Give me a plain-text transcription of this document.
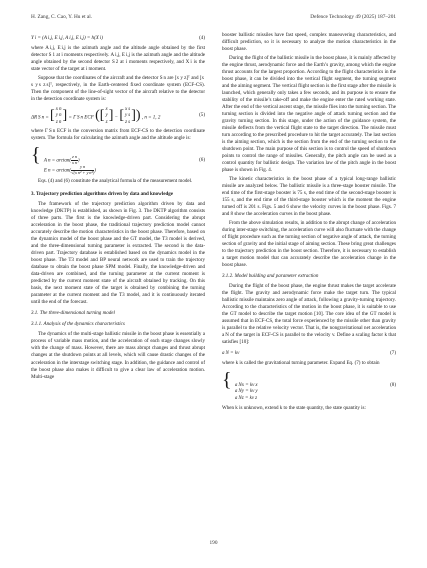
H. Zang, C. Cao, Y. Hu et al.	Defence Technology 49 (2025) 187–201
Y i = (A i,j, E i,j, A i,j, E i,j) = h(X i)	(4)

where A i,j, E i,j is the azimuth angle and the altitude angle obtained by the first detector S 1 at i moments respectively. A i,j, E i,j is the azimuth angle and the altitude angle obtained by the second detector S 2 at i moments respectively, and X i is the state vector of the target at i moment.

Suppose that the coordinates of the aircraft and the detector S n are [x y z]ᵀ and [x s y s z s]ᵀ, respectively, in the Earth-centered fixed coordinate system (ECF-CS). Then the component of the line-of-sight vector of the aircraft relative to the detector in the detection coordinate system is:

ΔR S n = [ x n
y n
z n ] = Γ S n ECF ( [ x
y
z ] − [ x s
y s
z s ] ) , n = 1, 2	(5)

where Γ S n ECF is the conversion matrix from ECF-CS to the detection coordinate system. The formula for calculating the azimuth angle and the altitude angle is:

{ A $n = \arctan( \frac{\text{z n}}{\text{x n}}$ )
E $n = \arctan( \frac{\text{y n}}{\text{√(x n² + y n²)}}$ )
(6)

Eqs. (4) and (6) constitute the analytical formula of the measurement model.

3. Trajectory prediction algorithms driven by data and knowledge

The framework of the trajectory prediction algorithm driven by data and knowledge (DKTP) is established, as shown in Fig. 3. The DKTP algorithm consists of three parts. The first is the knowledge-driven part. Considering the abrupt acceleration in the boost phase, the traditional trajectory prediction model cannot accurately describe the motion characteristics in the boost phase. Therefore, based on the dynamics model of the boost phase and the GT model, the T3 model is derived, and the three-dimensional turning parameter is extracted. The second is the data-driven part. Trajectory database is established based on the dynamics model in the boost phase. The T3 model and BP neural network are used to train the trajectory database to obtain the boost phase SPM model. Finally, the knowledge-driven and data-driven are combined, and the turning parameter at the current moment is predicted by the current moment state of the aircraft obtained by tracking. On this basis, the next moment state of the target is obtained by combining the turning parameter at the current moment and the T3 model, and it is continuously iterated until the end of the forecast.

3.1. The three-dimensional turning model
3.1.1. Analysis of the dynamics characteristics

The dynamics of the multi-stage ballistic missile in the boost phase is essentially a process of variable mass motion, and the acceleration of each stage changes slowly with the change of mass. However, there are mass abrupt changes and thrust abrupt changes at the shutdown points at all levels, which will cause drastic changes of the acceleration in the interstage switching stage. In addition, the guidance and control of the boost phase also makes it difficult to give a clear law of acceleration motion. Multi-stage

booster ballistic missiles have fast speed, complex maneuvering characteristics, and difficult prediction, so it is necessary to analyze the motion characteristics in the boost phase.

During the flight of the ballistic missile in the boost phase, it is mainly affected by the engine thrust, aerodynamic force and the Earth’s gravity, among which the engine thrust accounts for the largest proportion. According to the flight characteristics in the boost phase, it can be divided into the vertical flight segment, the turning segment and the aiming segment. The vertical flight section is the first stage after the missile is launched, which generally only takes a few seconds, and its purpose is to ensure the stability of the missile’s take-off and make the engine enter the rated working state. After the end of the vertical ascent stage, the missile flies into the turning section. The turning section is divided into the negative angle of attack turning section and the gravity turning section. In this stage, under the action of the guidance system, the missile deflects from the vertical flight state to the target direction. The missile must turn according to the prescribed procedure to hit the target accurately. The last section is the aiming section, which is the section from the end of the turning section to the shutdown point. The main purpose of this section is to control the speed of shutdown points to control the range of missiles. Generally, the pitch angle can be used as a control quantity for ballistic design. The variation law of the pitch angle in the boost phase is shown in Fig. 4.

The kinetic characteristics in the boost phase of a typical long-range ballistic missile are analyzed below. The ballistic missile is a three-stage booster missile. The end time of the first-stage booster is 75 s, the end time of the second-stage booster is 155 s, and the end time of the third-stage booster which is the moment the engine turned off is 201 s. Figs. 5 and 6 show the velocity curves in the boost phase. Figs. 7 and 8 show the acceleration curves in the boost phase.

From the above simulation results, in addition to the abrupt change of acceleration during inter-stage switching, the acceleration curve will also fluctuate with the change of flight procedure such as the turning section of negative angle of attack, the turning section of gravity and the initial stage of aiming section. These bring great challenges to the trajectory prediction in the boost section. Therefore, it is necessary to establish a target motion model that can accurately describe the acceleration change in the boost phase.

3.1.2. Model building and parameter extraction

During the flight of the boost phase, the engine thrust makes the target accelerate the flight. The gravity and aerodynamic force make the target turn. The typical ballistic missile maintains zero angle of attack, following a gravity-turning trajectory. According to the characteristics of the motion in the boost phase, it is suitable to use the GT model to describe the target motion [10]. The core idea of the GT model is assumed that in ECF-CS, the total force experienced by the missile other than gravity is parallel to the relative velocity vector. That is, the nongravitational net acceleration a N of the target in ECF-CS is parallel to the velocity v. Define a scaling factor k that satisfies [10]:

a N = kv	(7)

where k is called the gravitational turning parameter. Expand Eq. (7) to obtain

{ a Nx = kv x
a Ny = kv y
a Nz = kv z
(8)

When k is unknown, extend k to the state quantity, the state quantity is:

190
